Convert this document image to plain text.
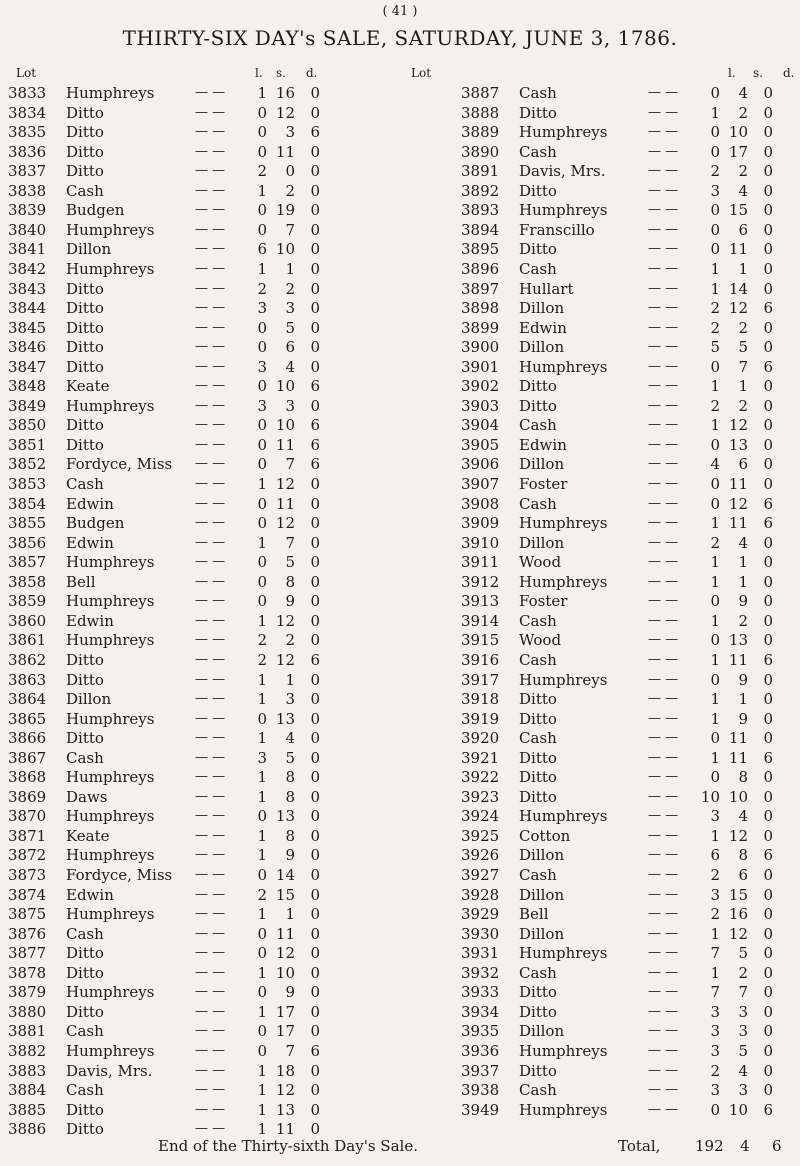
( 41 )
THIRTY-SIX DAY's SALE, SATURDAY, JUNE 3, 1786.
Lot	l. s. d.	Lot	l. s. d.
3833 Humphreys	— —	1 16	0
3834 Ditto	— —	0 12	0
3835 Ditto	— —	0	3	6
3836 Ditto	— —	0 11	0
3837 Ditto	— —	2	0	0
3838 Cash	— —	1	2	0
3839 Budgen	— —	0 19	0
3840 Humphreys	— —	0	7	0
3841 Dillon	— —	6 10	0
3842 Humphreys	— —	1	1	0
3843 Ditto	— —	2	2	0
3844 Ditto	— —	3	3	0
3845 Ditto	— —	0	5	0
3846 Ditto	— —	0	6	0
3847 Ditto	— —	3	4	0
3848 Keate	— —	0 10	6
3849 Humphreys	— —	3	3	0
3850 Ditto	— —	0 10	6
3851 Ditto	— —	0 11	6
3852 Fordyce, Miss — —	0	7	6
3853 Cash	— —	1 12	0
3854 Edwin	— —	0 11	0
3855 Budgen	— —	0 12	0
3856 Edwin	— —	1	7	0
3857 Humphreys	— —	0	5	0
3858 Bell	— —	0	8	0
3859 Humphreys	— —	0	9	0
3860 Edwin	— —	1 12	0
3861 Humphreys	— —	2	2	0
3862 Ditto	— —	2 12	6
3863 Ditto	— —	1	1	0
3864 Dillon	— —	1	3	0
3865 Humphreys	— —	0 13	0
3866 Ditto	— —	1	4	0
3867 Cash	— —	3	5	0
3868 Humphreys	— —	1	8	0
3869 Daws	— —	1	8	0
3870 Humphreys	— —	0 13	0
3871 Keate	— —	1	8	0
3872 Humphreys	— —	1	9	0
3873 Fordyce, Miss — —	0 14	0
3874 Edwin	— —	2 15	0
3875 Humphreys	— —	1	1	0
3876 Cash	— —	0 11	0
3877 Ditto	— —	0 12	0
3878 Ditto	— —	1 10	0
3879 Humphreys	— —	0	9	0
3880 Ditto	— —	1 17	0
3881 Cash	— —	0 17	0
3882 Humphreys	— —	0	7	6
3883 Davis, Mrs.	— —	1 18	0
3884 Cash	— —	1 12	0
3885 Ditto	— —	1 13	0
3886 Ditto	— —	1 11	0
3887 Cash	— —	0	4	0
3888 Ditto	— —	1	2	0
3889 Humphreys	— —	0 10	0
3890 Cash	— —	0 17	0
3891 Davis, Mrs.	— —	2	2	0
3892 Ditto	— —	3	4	0
3893 Humphreys	— —	0 15	0
3894 Franscillo	— —	0	6	0
3895 Ditto	— —	0 11	0
3896 Cash	— —	1	1	0
3897 Hullart	— —	1 14	0
3898 Dillon	— —	2 12	6
3899 Edwin	— —	2	2	0
3900 Dillon	— —	5	5	0
3901 Humphreys	— —	0	7	6
3902 Ditto	— —	1	1	0
3903 Ditto	— —	2	2	0
3904 Cash	— —	1 12	0
3905 Edwin	— —	0 13	0
3906 Dillon	— —	4	6	0
3907 Foster	— —	0 11	0
3908 Cash	— —	0 12	6
3909 Humphreys	— —	1 11	6
3910 Dillon	— —	2	4	0
3911 Wood	— —	1	1	0
3912 Humphreys	— —	1	1	0
3913 Foster	— —	0	9	0
3914 Cash	— —	1	2	0
3915 Wood	— —	0 13	0
3916 Cash	— —	1 11	6
3917 Humphreys	— —	0	9	0
3918 Ditto	— —	1	1	0
3919 Ditto	— —	1	9	0
3920 Cash	— —	0 11	0
3921 Ditto	— —	1 11	6
3922 Ditto	— —	0	8	0
3923 Ditto	— — 10 10	0
3924 Humphreys	— —	3	4	0
3925 Cotton	— —	1 12	0
3926 Dillon	— —	6	8	6
3927 Cash	— —	2	6	0
3928 Dillon	— —	3 15	0
3929 Bell	— —	2 16	0
3930 Dillon	— —	1 12	0
3931 Humphreys	— —	7	5	0
3932 Cash	— —	1	2	0
3933 Ditto	— —	7	7	0
3934 Ditto	— —	3	3	0
3935 Dillon	— —	3	3	0
3936 Humphreys	— —	3	5	0
3937 Ditto	— —	2	4	0
3938 Cash	— —	3	3	0
3949 Humphreys	— —	0 10	6
End of the Thirty-sixth Day's Sale.	Total, 192 4 6
